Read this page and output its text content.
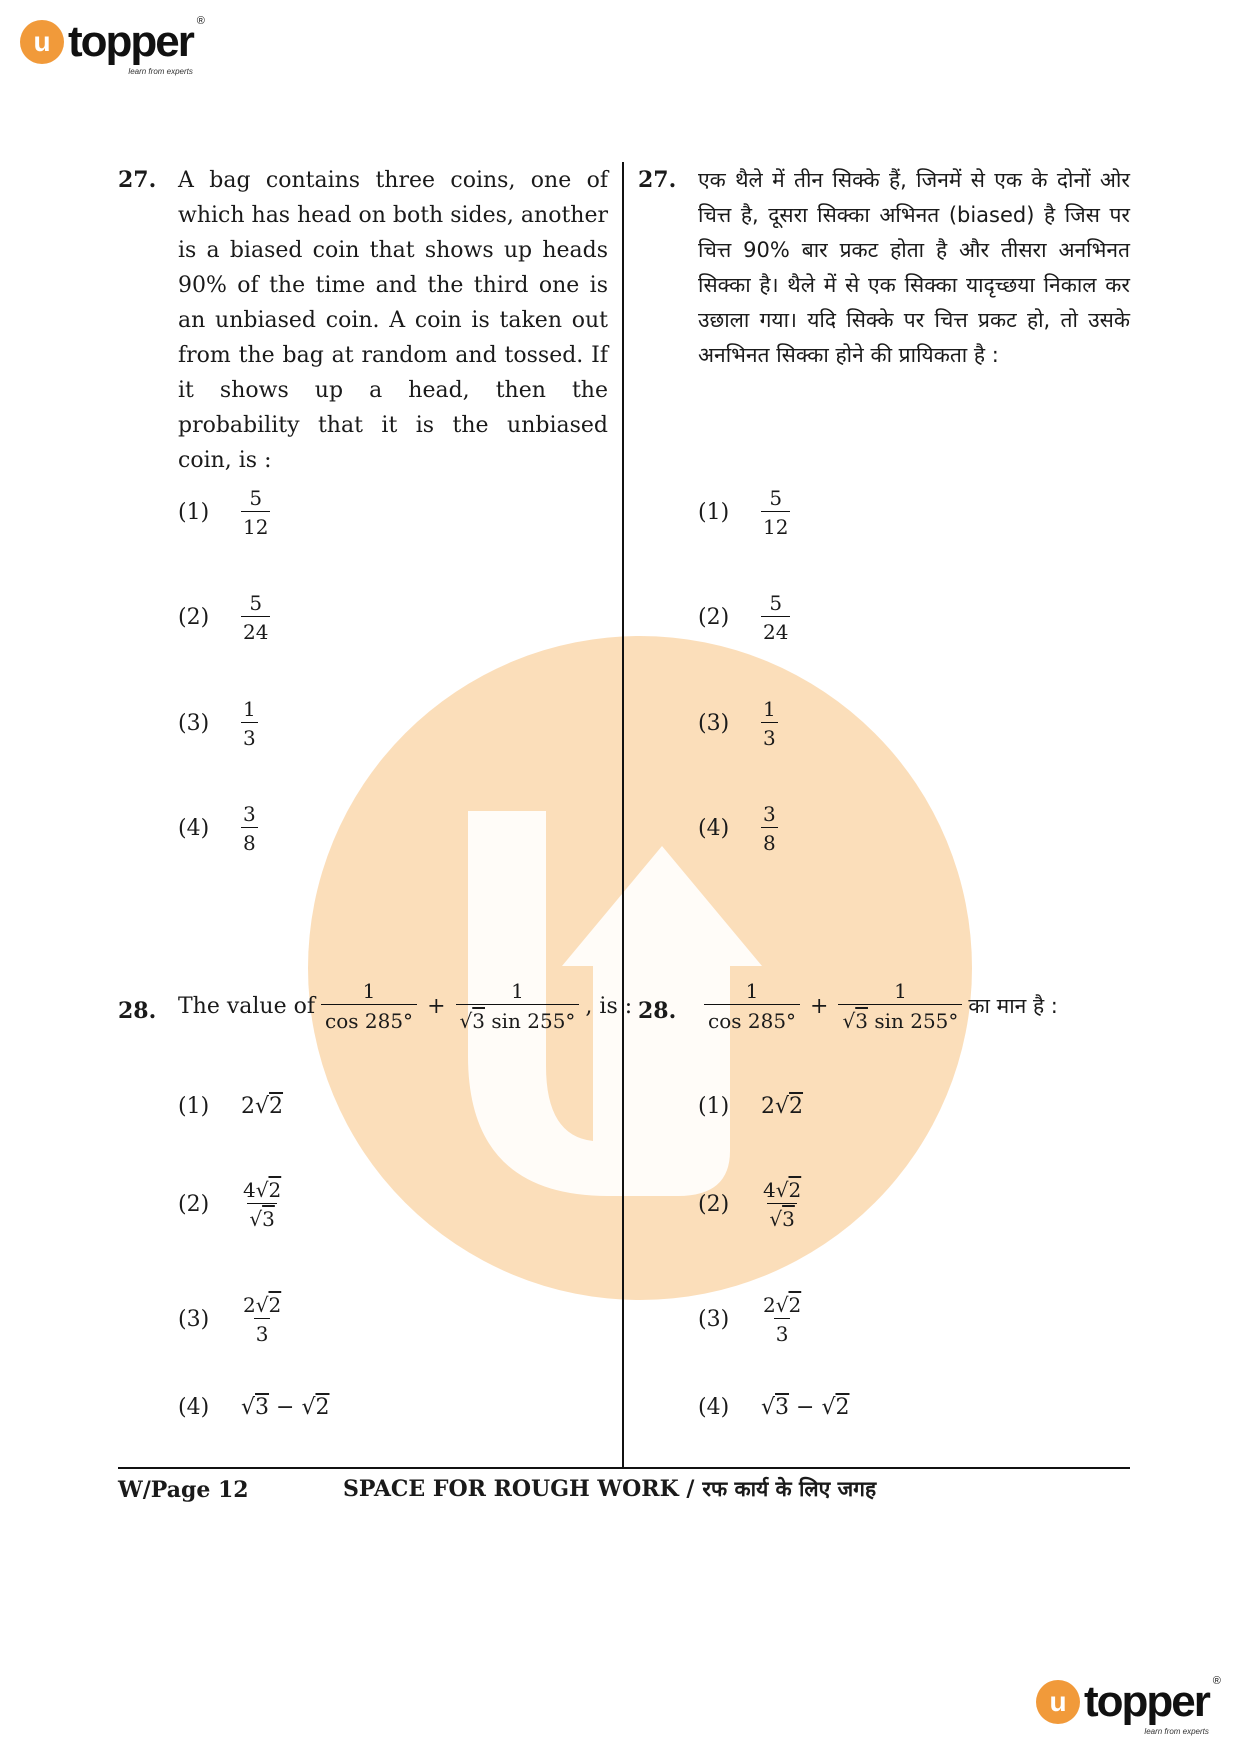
u topper ®
learn from experts
27. A bag contains three coins, one of which has head on both sides, another is a biased coin that shows up heads 90% of the time and the third one is an unbiased coin. A coin is taken out from the bag at random and tossed. If it shows up a head, then the probability that it is the unbiased coin, is :
27. एक थैले में तीन सिक्के हैं, जिनमें से एक के दोनों ओर चित्त है, दूसरा सिक्का अभिनत (biased) है जिस पर चित्त 90% बार प्रकट होता है और तीसरा अनभिनत सिक्का है। थैले में से एक सिक्का यादृच्छया निकाल कर उछाला गया। यदि सिक्के पर चित्त प्रकट हो, तो उसके अनभिनत सिक्का होने की प्रायिकता है :
(1)	$\frac{5}{12}$
(2)	$\frac{5}{24}$
(3)	$\frac{1}{3}$
(4)	$\frac{3}{8}$
(1)	$\frac{5}{12}$
(2)	$\frac{5}{24}$
(3)	$\frac{1}{3}$
(4)	$\frac{3}{8}$
28. The value of $\frac{1}{\cos 285^\circ} + \frac{1}{√3 \sin 255^\circ}$ , is : 28. $\frac{1}{\cos 285^\circ} + \frac{1}{√3 \sin 255^\circ}$ का मान है :
(1)	2√2
(2)	$\frac{4√2}{√3}$
(3)	$\frac{2√2}{3}$
(4)	√3 − √2
(1)	2√2
(2)	$\frac{4√2}{√3}$
(3)	$\frac{2√2}{3}$
(4)	√3 − √2
W/Page 12	SPACE FOR ROUGH WORK / रफ कार्य के लिए जगह
u topper ®
learn from experts
